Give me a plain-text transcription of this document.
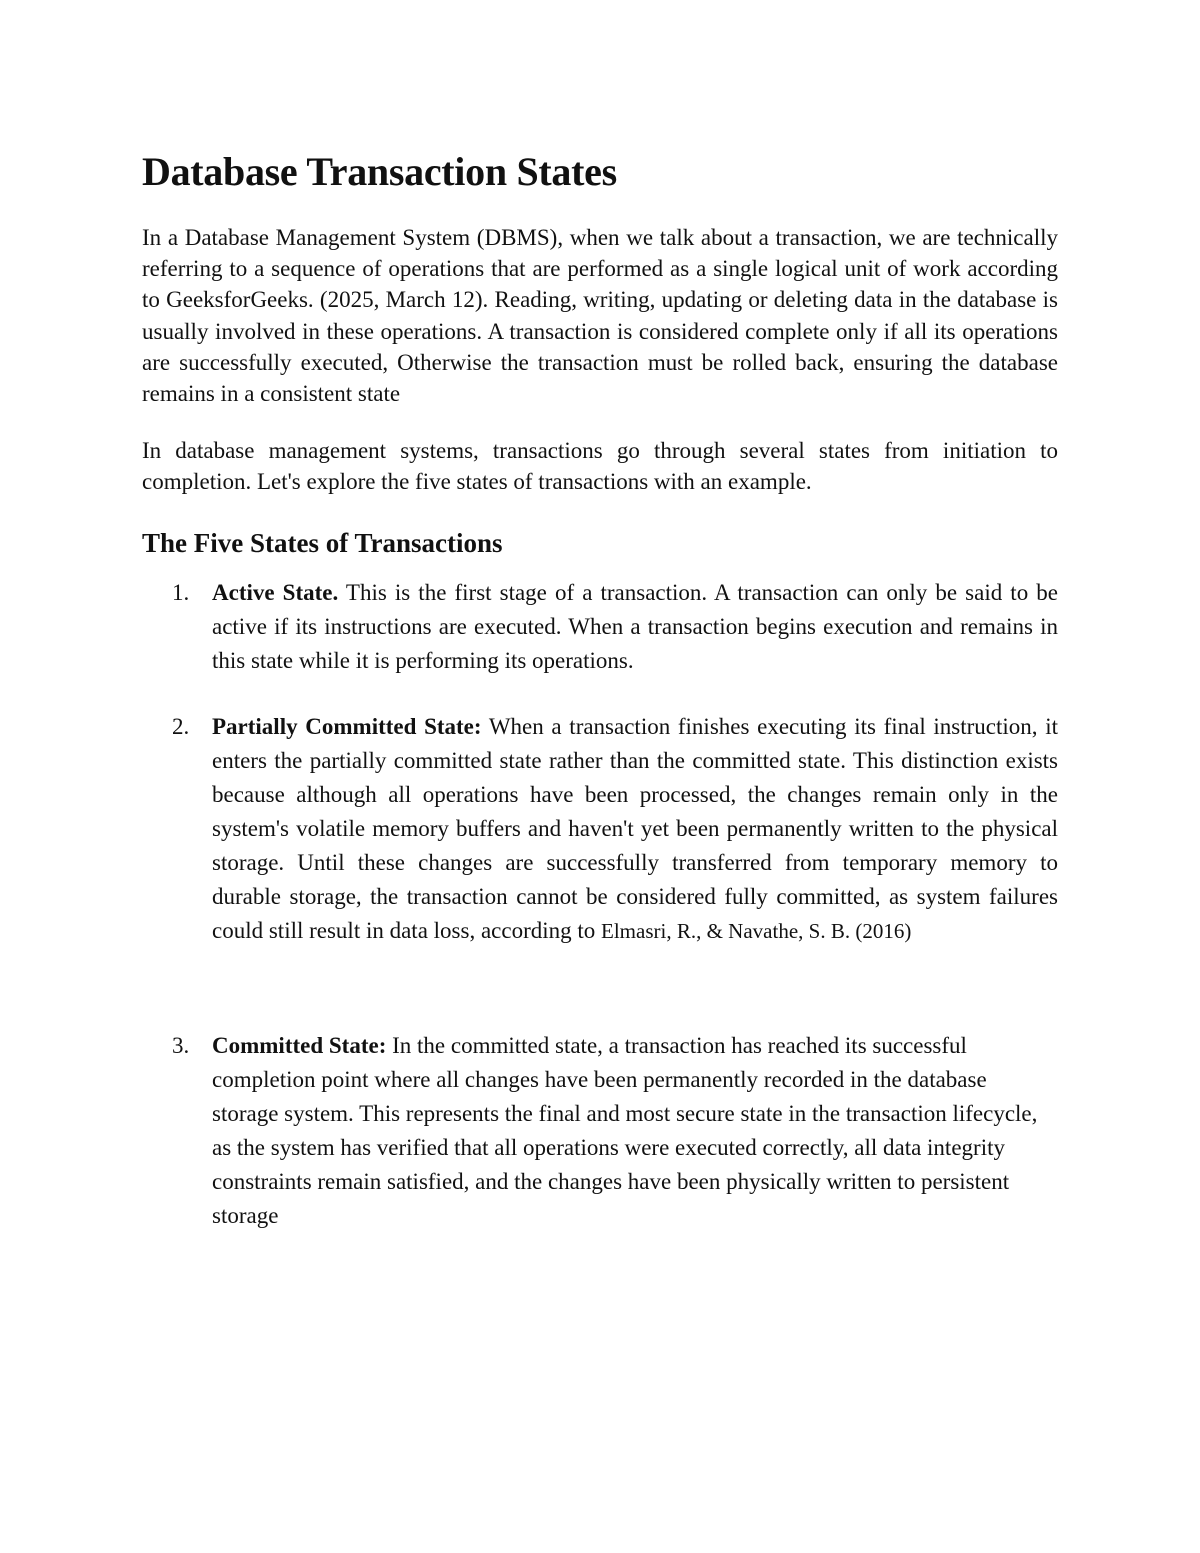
Database Transaction States

In a Database Management System (DBMS), when we talk about a transaction, we are technically referring to a sequence of operations that are performed as a single logical unit of work according to GeeksforGeeks. (2025, March 12). Reading, writing, updating or deleting data in the database is usually involved in these operations. A transaction is considered complete only if all its operations are successfully executed, Otherwise the transaction must be rolled back, ensuring the database remains in a consistent state

In database management systems, transactions go through several states from initiation to completion. Let's explore the five states of transactions with an example.

The Five States of Transactions
1. Active State. This is the first stage of a transaction. A transaction can only be said to be active if its instructions are executed. When a transaction begins execution and remains in this state while it is performing its operations.
2. Partially Committed State: When a transaction finishes executing its final instruction, it enters the partially committed state rather than the committed state. This distinction exists because although all operations have been processed, the changes remain only in the system's volatile memory buffers and haven't yet been permanently written to the physical storage. Until these changes are successfully transferred from temporary memory to durable storage, the transaction cannot be considered fully committed, as system failures could still result in data loss, according to Elmasri, R., & Navathe, S. B. (2016)
3. Committed State: In the committed state, a transaction has reached its successful completion point where all changes have been permanently recorded in the database storage system. This represents the final and most secure state in the transaction lifecycle, as the system has verified that all operations were executed correctly, all data integrity constraints remain satisfied, and the changes have been physically written to persistent storage
